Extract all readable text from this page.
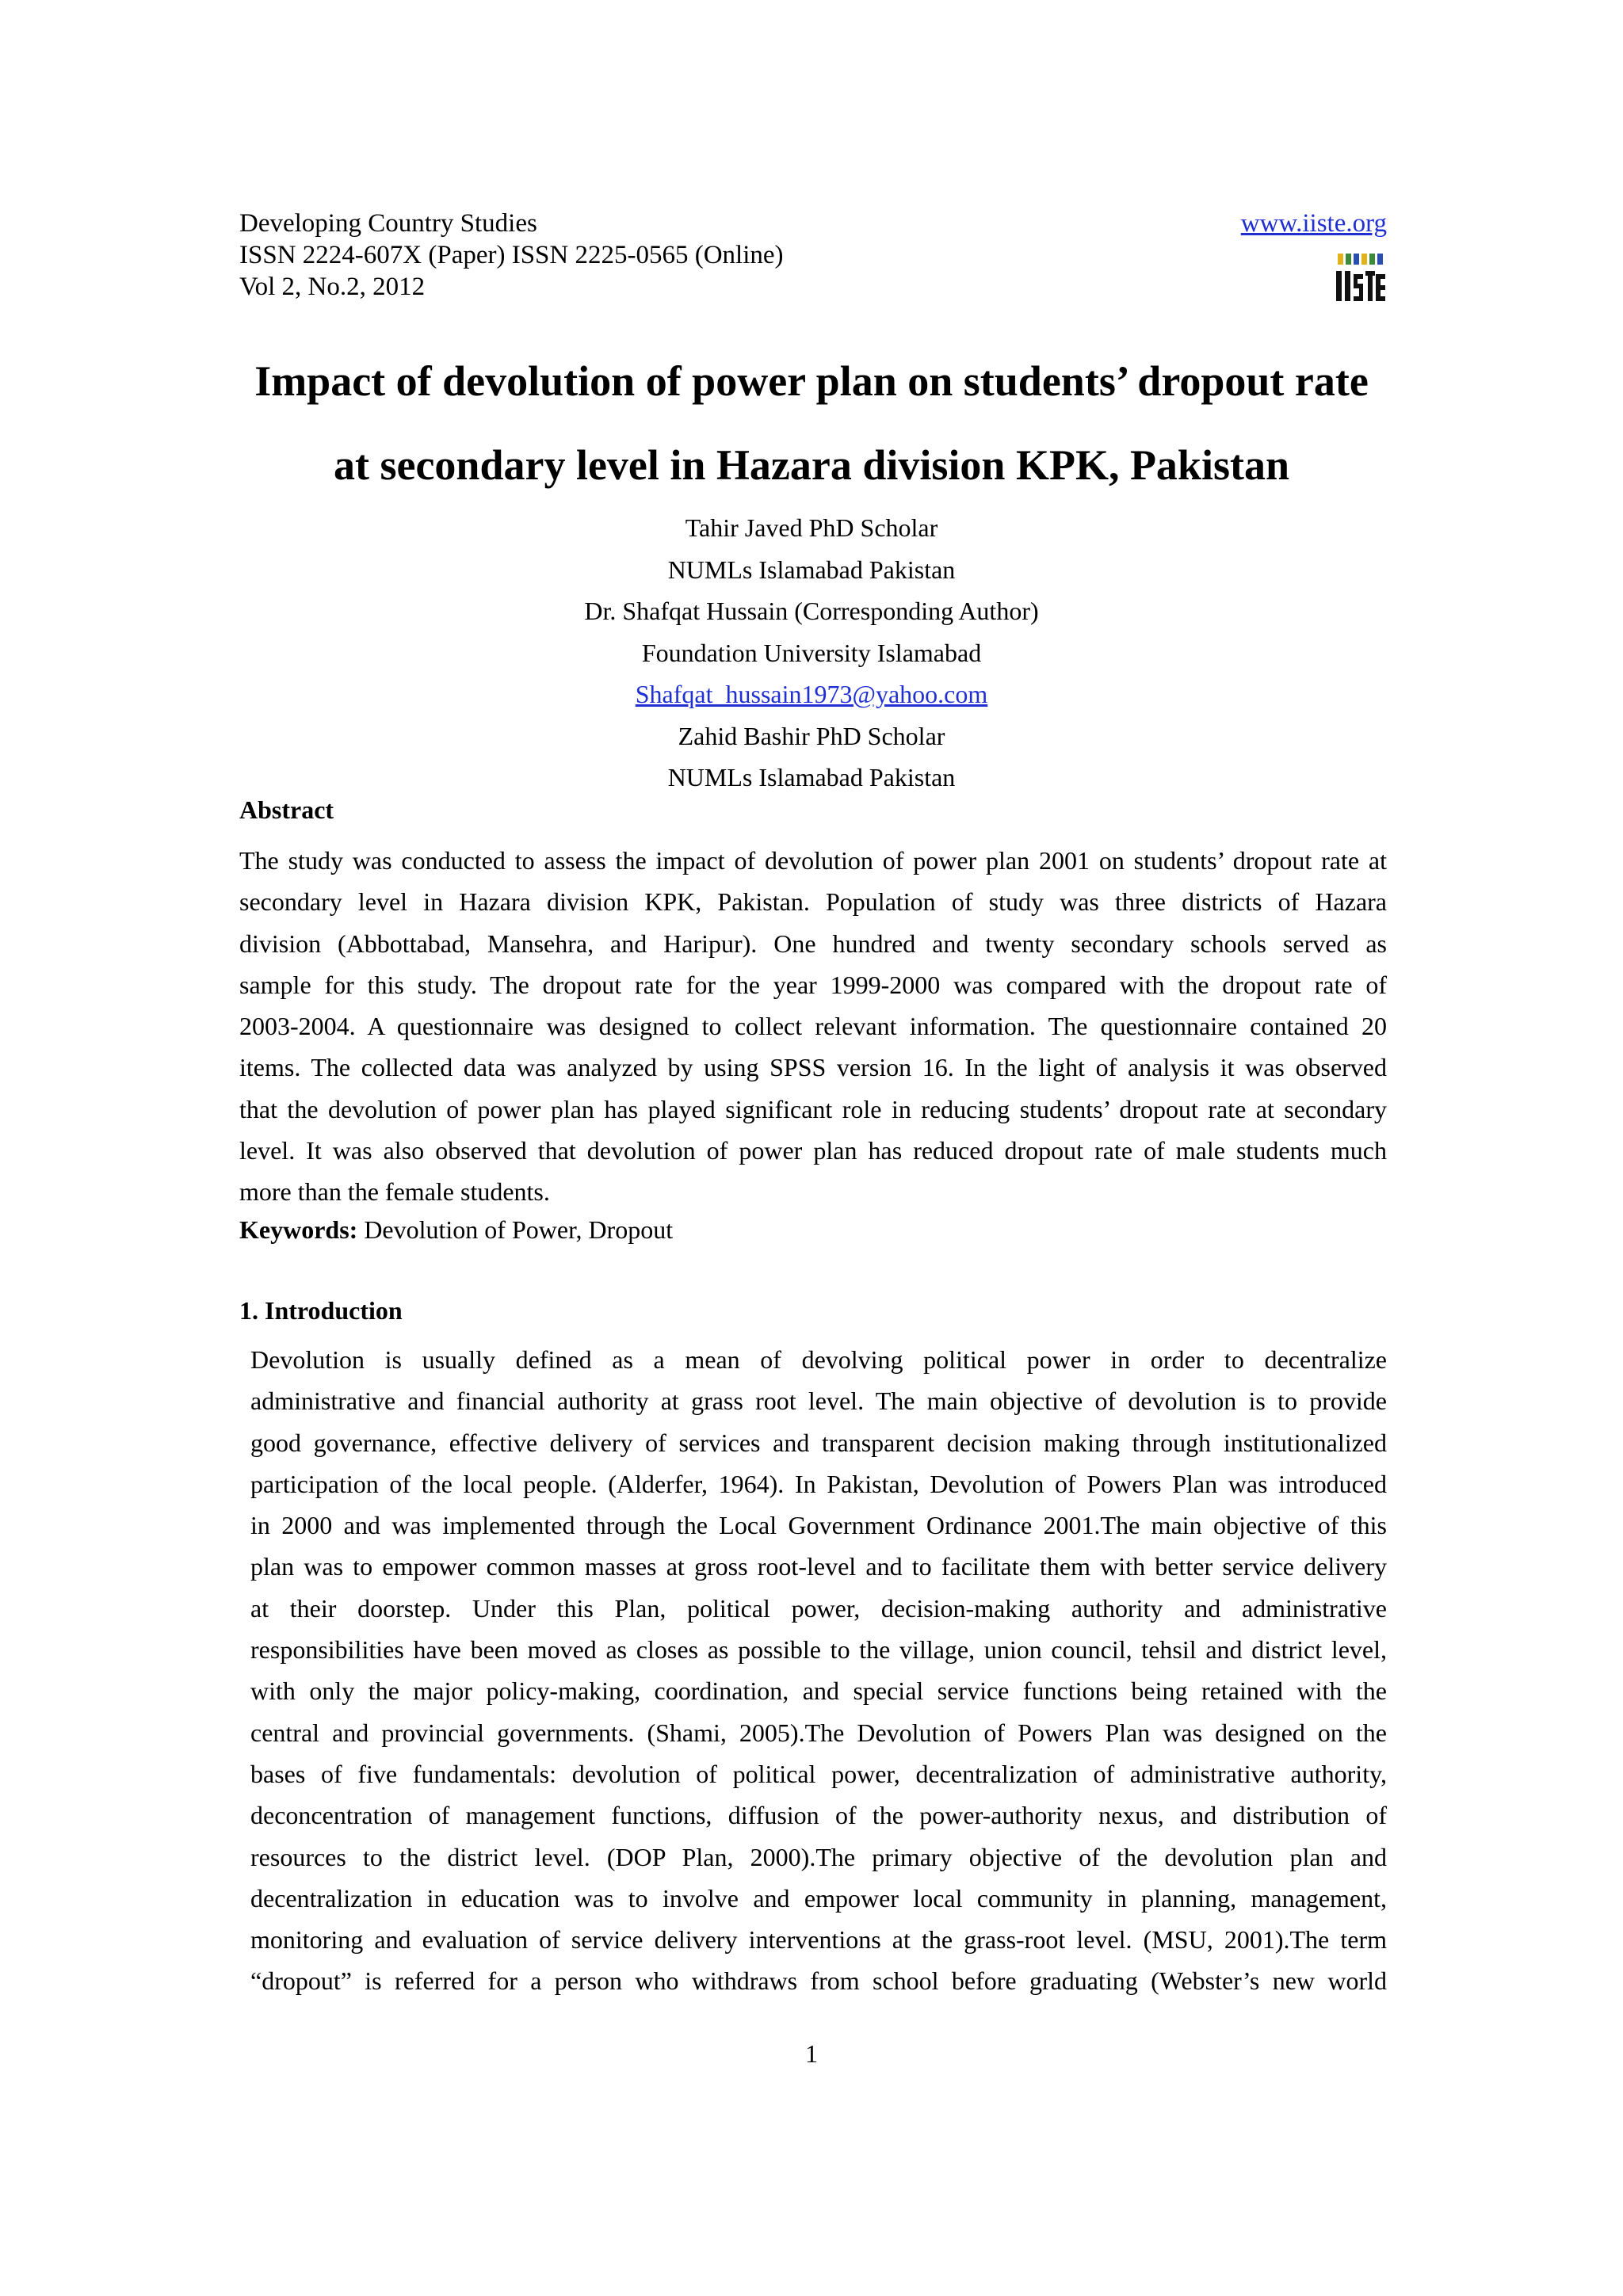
Developing Country Studies
ISSN 2224-607X (Paper) ISSN 2225-0565 (Online)
Vol 2, No.2, 2012
www.iiste.org
Impact of devolution of power plan on students’ dropout rate
at secondary level in Hazara division KPK, Pakistan
Tahir Javed PhD Scholar
NUMLs Islamabad Pakistan
Dr. Shafqat Hussain (Corresponding Author)
Foundation University Islamabad
Shafqat_hussain1973@yahoo.com
Zahid Bashir PhD Scholar
NUMLs Islamabad Pakistan
Abstract
The study was conducted to assess the impact of devolution of power plan 2001 on students’ dropout rate at
secondary level in Hazara division KPK, Pakistan. Population of study was three districts of Hazara
division (Abbottabad, Mansehra, and Haripur). One hundred and twenty secondary schools served as
sample for this study. The dropout rate for the year 1999-2000 was compared with the dropout rate of
2003-2004. A questionnaire was designed to collect relevant information. The questionnaire contained 20
items. The collected data was analyzed by using SPSS version 16. In the light of analysis it was observed
that the devolution of power plan has played significant role in reducing students’ dropout rate at secondary
level. It was also observed that devolution of power plan has reduced dropout rate of male students much
more than the female students.
Keywords: Devolution of Power, Dropout
1. Introduction
Devolution is usually defined as a mean of devolving political power in order to decentralize
administrative and financial authority at grass root level. The main objective of devolution is to provide
good governance, effective delivery of services and transparent decision making through institutionalized
participation of the local people. (Alderfer, 1964). In Pakistan, Devolution of Powers Plan was introduced
in 2000 and was implemented through the Local Government Ordinance 2001.The main objective of this
plan was to empower common masses at gross root-level and to facilitate them with better service delivery
at their doorstep. Under this Plan, political power, decision-making authority and administrative
responsibilities have been moved as closes as possible to the village, union council, tehsil and district level,
with only the major policy-making, coordination, and special service functions being retained with the
central and provincial governments. (Shami, 2005).The Devolution of Powers Plan was designed on the
bases of five fundamentals: devolution of political power, decentralization of administrative authority,
deconcentration of management functions, diffusion of the power-authority nexus, and distribution of
resources to the district level. (DOP Plan, 2000).The primary objective of the devolution plan and
decentralization in education was to involve and empower local community in planning, management,
monitoring and evaluation of service delivery interventions at the grass-root level. (MSU, 2001).The term
“dropout” is referred for a person who withdraws from school before graduating (Webster’s new world
1
